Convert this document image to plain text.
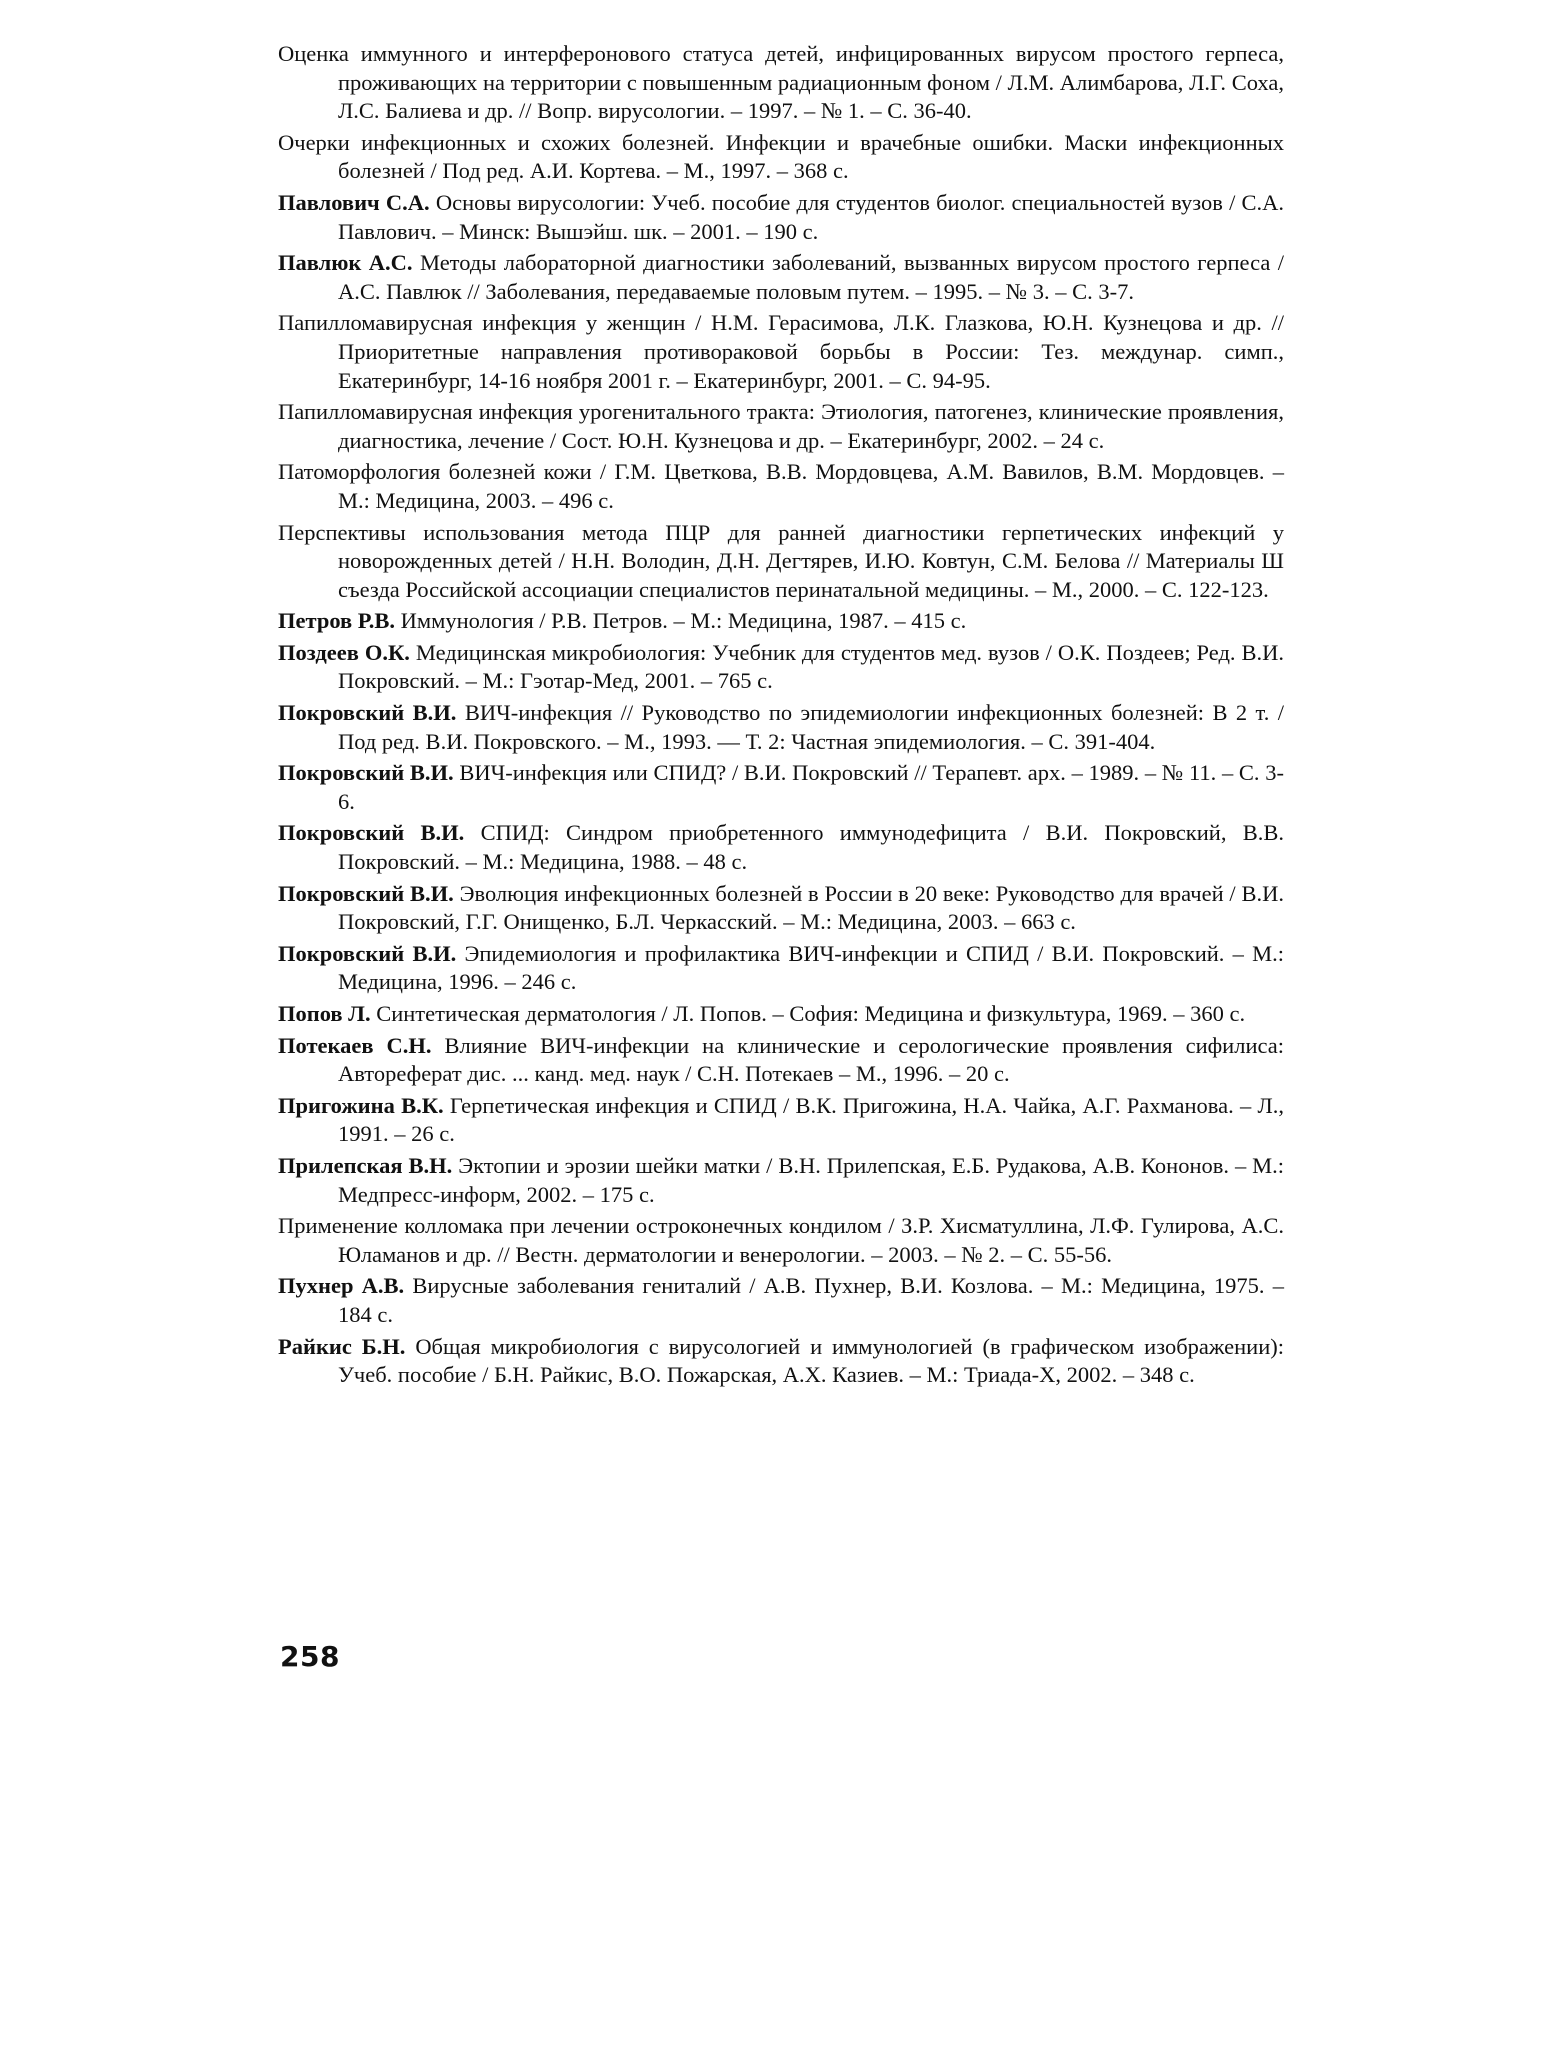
Оценка иммунного и интерферонового статуса детей, инфицированных вирусом простого герпеса, проживающих на территории с повышенным радиационным фоном / Л.М. Алимбарова, Л.Г. Соха, Л.С. Балиева и др. // Вопр. вирусологии. – 1997. – № 1. – С. 36-40.

Очерки инфекционных и схожих болезней. Инфекции и врачебные ошибки. Маски инфекционных болезней / Под ред. А.И. Кортева. – М., 1997. – 368 с.

Павлович С.А. Основы вирусологии: Учеб. пособие для студентов биолог. специальностей вузов / С.А. Павлович. – Минск: Вышэйш. шк. – 2001. – 190 с.

Павлюк А.С. Методы лабораторной диагностики заболеваний, вызванных вирусом простого герпеса / А.С. Павлюк // Заболевания, передаваемые половым путем. – 1995. – № 3. – С. 3-7.

Папилломавирусная инфекция у женщин / Н.М. Герасимова, Л.К. Глазкова, Ю.Н. Кузнецова и др. // Приоритетные направления противораковой борьбы в России: Тез. междунар. симп., Екатеринбург, 14-16 ноября 2001 г. – Екатеринбург, 2001. – С. 94-95.

Папилломавирусная инфекция урогенитального тракта: Этиология, патогенез, клинические проявления, диагностика, лечение / Сост. Ю.Н. Кузнецова и др. – Екатеринбург, 2002. – 24 с.

Патоморфология болезней кожи / Г.М. Цветкова, В.В. Мордовцева, А.М. Вавилов, В.М. Мордовцев. – М.: Медицина, 2003. – 496 с.

Перспективы использования метода ПЦР для ранней диагностики герпетических инфекций у новорожденных детей / Н.Н. Володин, Д.Н. Дегтярев, И.Ю. Ковтун, С.М. Белова // Материалы Ш съезда Российской ассоциации специалистов перинатальной медицины. – М., 2000. – С. 122-123.

Петров Р.В. Иммунология / Р.В. Петров. – М.: Медицина, 1987. – 415 с.

Поздеев О.К. Медицинская микробиология: Учебник для студентов мед. вузов / О.К. Поздеев; Ред. В.И. Покровский. – М.: Гэотар-Мед, 2001. – 765 с.

Покровский В.И. ВИЧ-инфекция // Руководство по эпидемиологии инфекционных болезней: В 2 т. / Под ред. В.И. Покровского. – М., 1993. — Т. 2: Частная эпидемиология. – С. 391-404.

Покровский В.И. ВИЧ-инфекция или СПИД? / В.И. Покровский // Терапевт. арх. – 1989. – № 11. – С. 3-6.

Покровский В.И. СПИД: Синдром приобретенного иммунодефицита / В.И. Покровский, В.В. Покровский. – М.: Медицина, 1988. – 48 с.

Покровский В.И. Эволюция инфекционных болезней в России в 20 веке: Руководство для врачей / В.И. Покровский, Г.Г. Онищенко, Б.Л. Черкасский. – М.: Медицина, 2003. – 663 с.

Покровский В.И. Эпидемиология и профилактика ВИЧ-инфекции и СПИД / В.И. Покровский. – М.: Медицина, 1996. – 246 с.

Попов Л. Синтетическая дерматология / Л. Попов. – София: Медицина и физкультура, 1969. – 360 с.

Потекаев С.Н. Влияние ВИЧ-инфекции на клинические и серологические проявления сифилиса: Автореферат дис. ... канд. мед. наук / С.Н. Потекаев – М., 1996. – 20 с.

Пригожина В.К. Герпетическая инфекция и СПИД / В.К. Пригожина, Н.А. Чайка, А.Г. Рахманова. – Л., 1991. – 26 с.

Прилепская В.Н. Эктопии и эрозии шейки матки / В.Н. Прилепская, Е.Б. Рудакова, А.В. Кононов. – М.: Медпресс-информ, 2002. – 175 с.

Применение колломака при лечении остроконечных кондилом / З.Р. Хисматуллина, Л.Ф. Гулирова, А.С. Юламанов и др. // Вестн. дерматологии и венерологии. – 2003. – № 2. – С. 55-56.

Пухнер А.В. Вирусные заболевания гениталий / А.В. Пухнер, В.И. Козлова. – М.: Медицина, 1975. – 184 с.

Райкис Б.Н. Общая микробиология с вирусологией и иммунологией (в графическом изображении): Учеб. пособие / Б.Н. Райкис, В.О. Пожарская, А.Х. Казиев. – М.: Триада-Х, 2002. – 348 с.

258
